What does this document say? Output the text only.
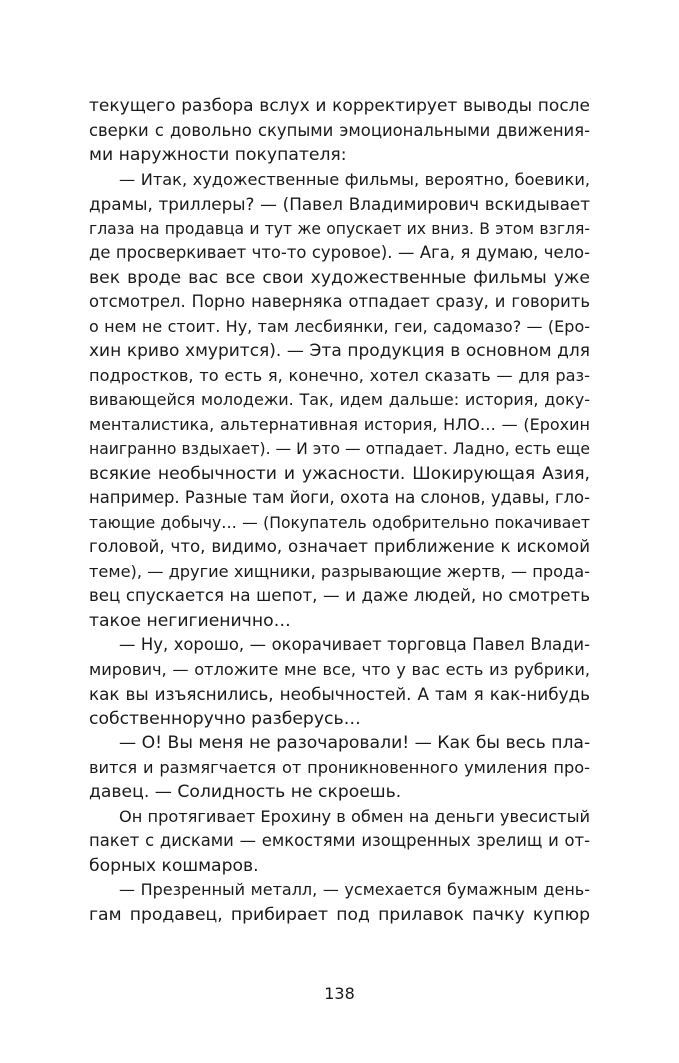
текущего разбора вслух и корректирует выводы после
сверки с довольно скупыми эмоциональными движения-
ми наружности покупателя:
— Итак, художественные фильмы, вероятно, боевики,
драмы, триллеры? — (Павел Владимирович вскидывает
глаза на продавца и тут же опускает их вниз. В этом взгля-
де просверкивает что-то суровое). — Ага, я думаю, чело-
век вроде вас все свои художественные фильмы уже
отсмотрел. Порно наверняка отпадает сразу, и говорить
о нем не стоит. Ну, там лесбиянки, геи, садомазо? — (Еро-
хин криво хмурится). — Эта продукция в основном для
подростков, то есть я, конечно, хотел сказать — для раз-
вивающейся молодежи. Так, идем дальше: история, доку-
менталистика, альтернативная история, НЛО… — (Ерохин
наигранно вздыхает). — И это — отпадает. Ладно, есть еще
всякие необычности и ужасности. Шокирующая Азия,
например. Разные там йоги, охота на слонов, удавы, гло-
тающие добычу… — (Покупатель одобрительно покачивает
головой, что, видимо, означает приближение к искомой
теме), — другие хищники, разрывающие жертв, — прода-
вец спускается на шепот, — и даже людей, но смотреть
такое негигиенично…
— Ну, хорошо, — окорачивает торговца Павел Влади-
мирович, — отложите мне все, что у вас есть из рубрики,
как вы изъяснились, необычностей. А там я как-нибудь
собственноручно разберусь…
— О! Вы меня не разочаровали! — Как бы весь пла-
вится и размягчается от проникновенного умиления про-
давец. — Солидность не скроешь.
Он протягивает Ерохину в обмен на деньги увесистый
пакет с дисками — емкостями изощренных зрелищ и от-
борных кошмаров.
— Презренный металл, — усмехается бумажным день-
гам продавец, прибирает под прилавок пачку купюр
138
